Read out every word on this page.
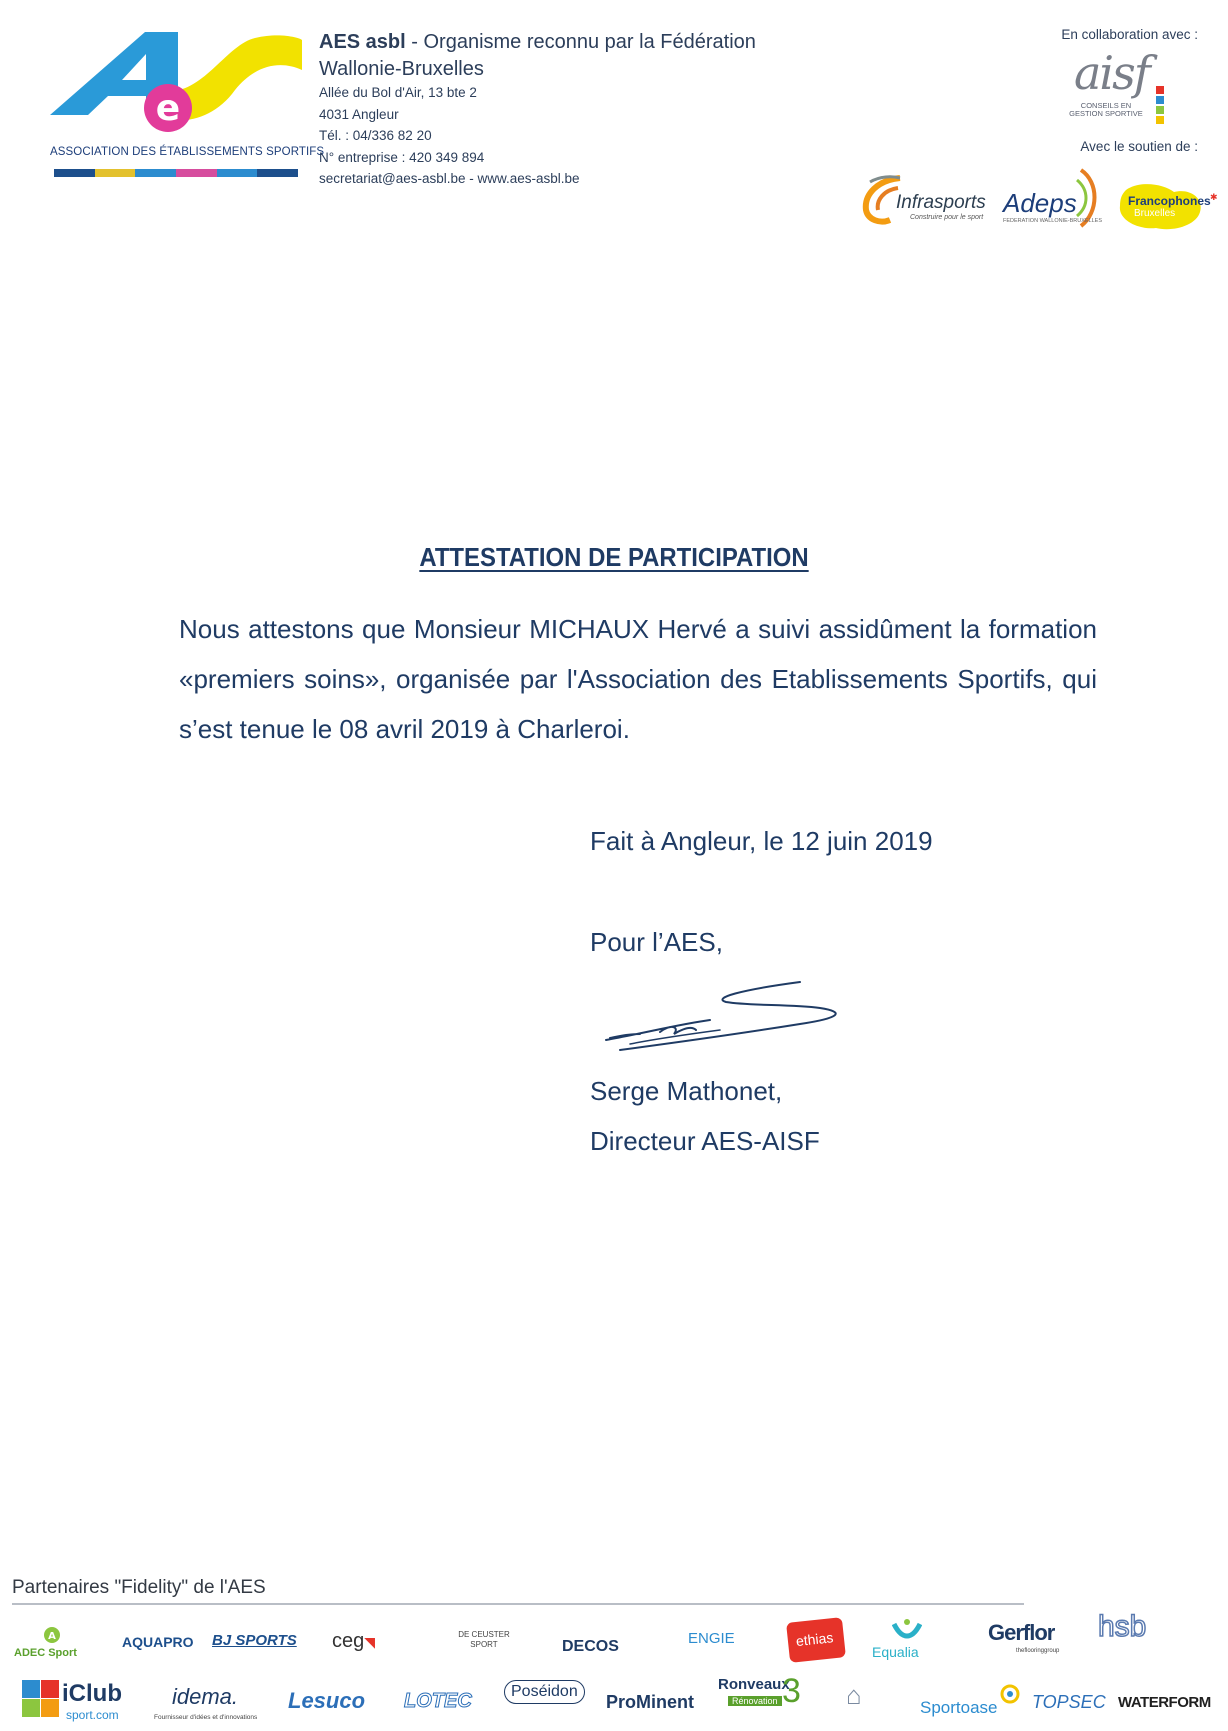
e
ASSOCIATION DES ÉTABLISSEMENTS SPORTIFS
AES asbl - Organisme reconnu par la Fédération
Wallonie-Bruxelles
Allée du Bol d'Air, 13 bte 2
4031 Angleur
Tél. : 04/336 82 20
N° entreprise : 420 349 894
secretariat@aes-asbl.be - www.aes-asbl.be
En collaboration avec :
aisf
CONSEILS EN
GESTION SPORTIVE
Avec le soutien de :
Infrasports
Construire pour le sport Adeps
FEDERATION WALLONIE-BRUXELLES
Francophones
Bruxelles
✱
ATTESTATION DE PARTICIPATION
Nous attestons que Monsieur MICHAUX Hervé a suivi assidûment la formation «premiers soins», organisée par l'Association des Etablissements Sportifs, qui s’est tenue le 08 avril 2019 à Charleroi.
Fait à Angleur, le 12 juin 2019
Pour l’AES,
Serge Mathonet,
Directeur AES-AISF
Partenaires "Fidelity" de l'AES
A
ADEC Sport
AQUAPRO BJ SPORTS ceg◥	DE CEUSTER SPORT	DECOS	ENGIE	ethias
Equalia
Gerflor
theflooringgroup
hsb
iClub
sport.com
idema.
Fournisseur d'idées et d'innovations
Lesuco LOTEC	Poséidon
ProMinent
Ronveaux
Rénovation 3 ⌂	Sportoase TOPSEC WATERFORM
